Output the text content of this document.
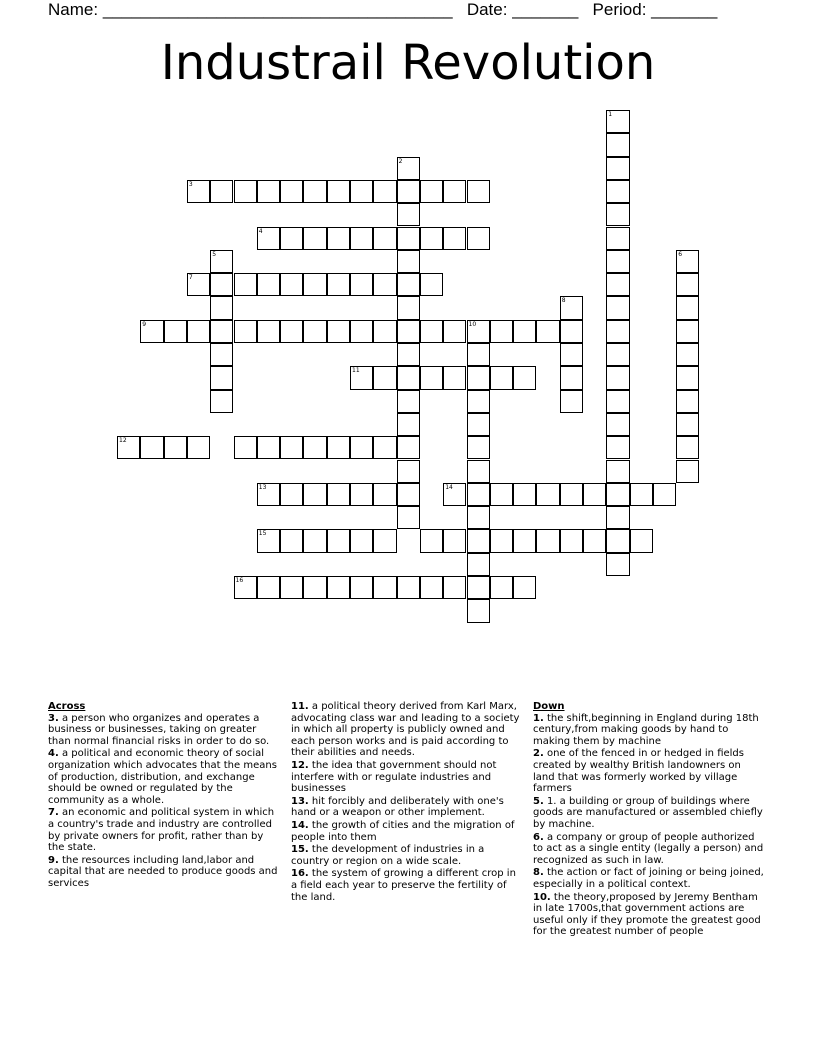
Name: _____________________________________ Date: _______ Period: _______
Industrail Revolution
1
2
3
4
5	6
7
8
9	10
11
12
13	14
15
16
Across
3. a person who organizes and operates a business or businesses, taking on greater than normal financial risks in order to do so.
4. a political and economic theory of social organization which advocates that the means of production, distribution, and exchange should be owned or regulated by the community as a whole.
7. an economic and political system in which a country's trade and industry are controlled by private owners for profit, rather than by the state.
9. the resources including land,labor and capital that are needed to produce goods and services
11. a political theory derived from Karl Marx, advocating class war and leading to a society in which all property is publicly owned and each person works and is paid according to their abilities and needs.
12. the idea that government should not interfere with or regulate industries and businesses
13. hit forcibly and deliberately with one's hand or a weapon or other implement.
14. the growth of cities and the migration of people into them
15. the development of industries in a country or region on a wide scale.
16. the system of growing a different crop in a field each year to preserve the fertility of the land.
Down
1. the shift,beginning in England during 18th century,from making goods by hand to making them by machine
2. one of the fenced in or hedged in fields created by wealthy British landowners on land that was formerly worked by village farmers
5. 1. a building or group of buildings where goods are manufactured or assembled chiefly by machine.
6. a company or group of people authorized to act as a single entity (legally a person) and recognized as such in law.
8. the action or fact of joining or being joined, especially in a political context.
10. the theory,proposed by Jeremy Bentham in late 1700s,that government actions are useful only if they promote the greatest good for the greatest number of people
